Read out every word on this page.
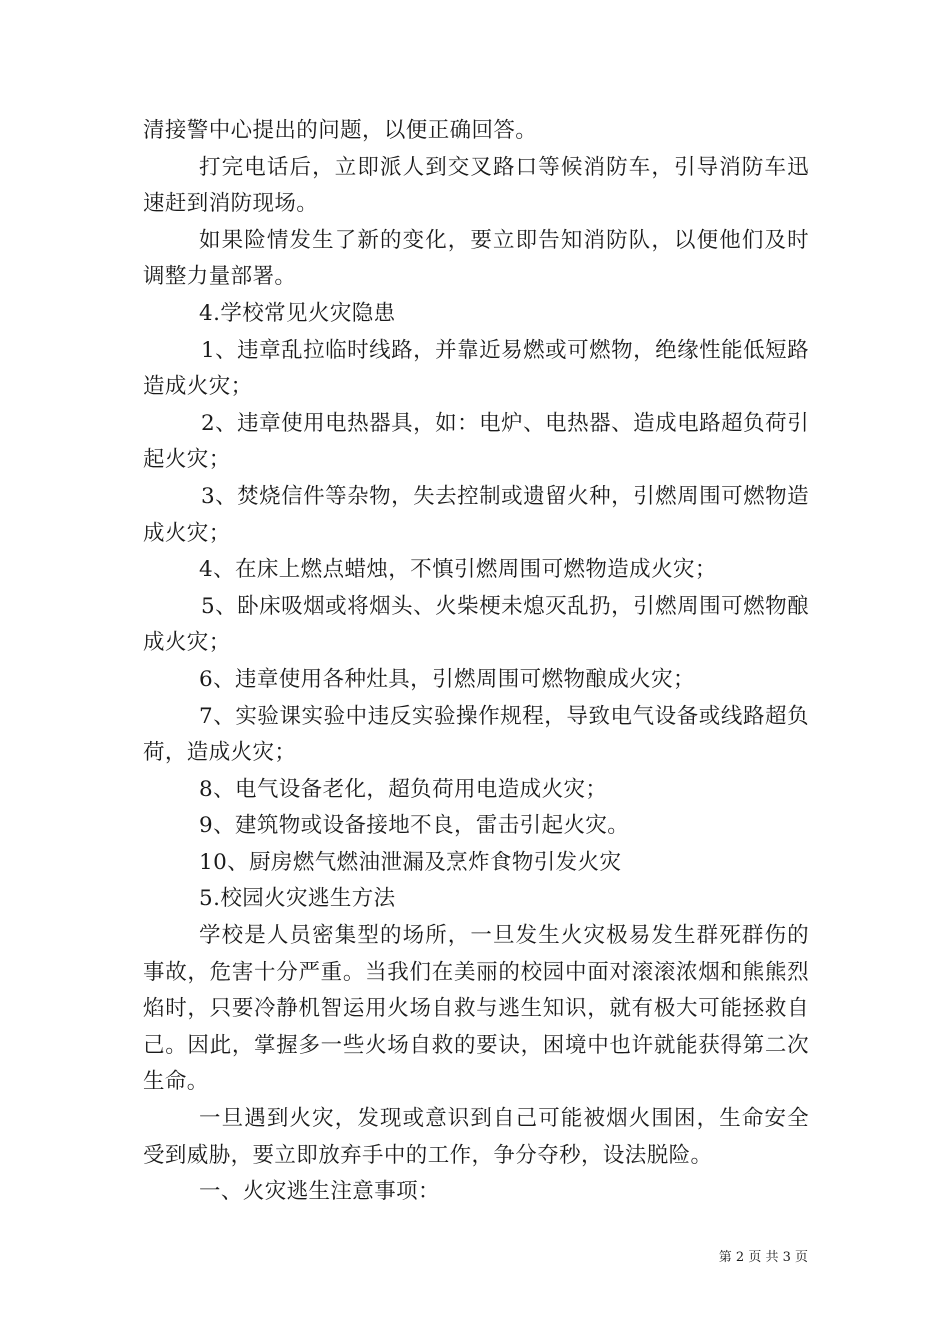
清接警中心提出的问题，以便正确回答。

打完电话后，立即派人到交叉路口等候消防车，引导消防车迅速赶到消防现场。

如果险情发生了新的变化，要立即告知消防队，以便他们及时调整力量部署。

4.学校常见火灾隐患

1、违章乱拉临时线路，并靠近易燃或可燃物，绝缘性能低短路造成火灾；

2、违章使用电热器具，如：电炉、电热器、造成电路超负荷引起火灾；

3、焚烧信件等杂物，失去控制或遗留火种，引燃周围可燃物造成火灾；

4、在床上燃点蜡烛，不慎引燃周围可燃物造成火灾；

5、卧床吸烟或将烟头、火柴梗未熄灭乱扔，引燃周围可燃物酿成火灾；

6、违章使用各种灶具，引燃周围可燃物酿成火灾；

7、实验课实验中违反实验操作规程，导致电气设备或线路超负荷，造成火灾；

8、电气设备老化，超负荷用电造成火灾；

9、建筑物或设备接地不良，雷击引起火灾。

10、厨房燃气燃油泄漏及烹炸食物引发火灾

5.校园火灾逃生方法

学校是人员密集型的场所，一旦发生火灾极易发生群死群伤的事故，危害十分严重。当我们在美丽的校园中面对滚滚浓烟和熊熊烈焰时，只要冷静机智运用火场自救与逃生知识，就有极大可能拯救自己。因此，掌握多一些火场自救的要诀，困境中也许就能获得第二次生命。

一旦遇到火灾，发现或意识到自己可能被烟火围困，生命安全受到威胁，要立即放弃手中的工作，争分夺秒，设法脱险。

一、火灾逃生注意事项：

第 2 页 共 3 页
